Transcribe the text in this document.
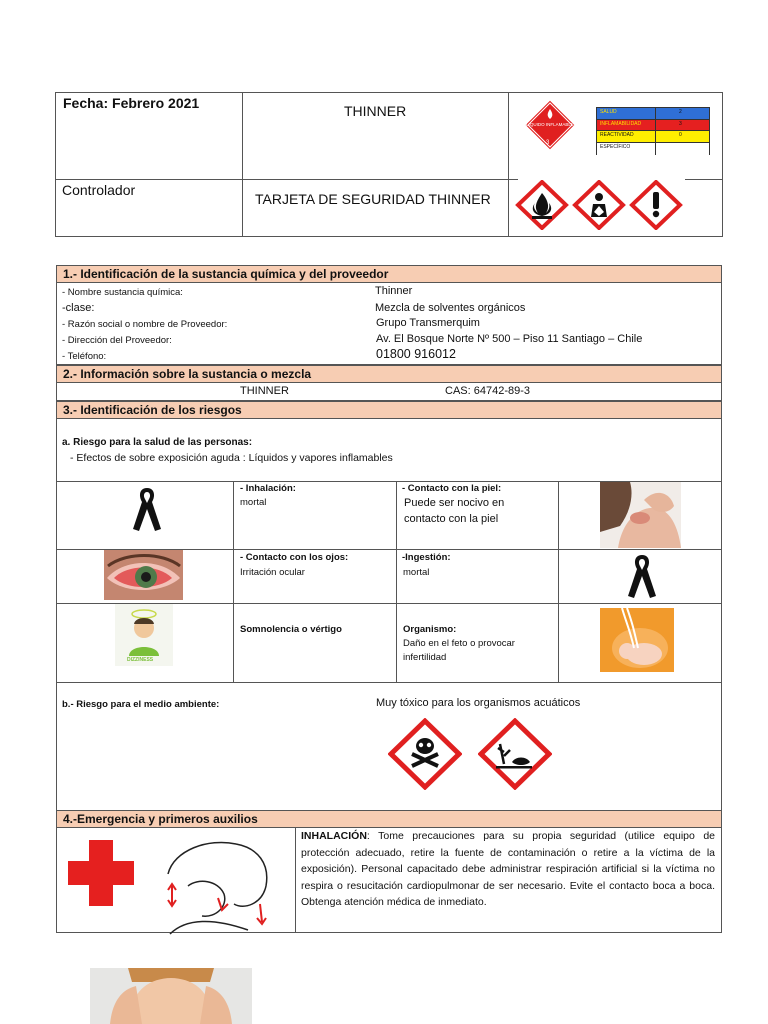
Fecha: Febrero 2021	THINNER
Controlador
TARJETA DE SEGURIDAD THINNER
LIQUIDO INFLAMABLE
3
SALUD	2
INFLAMABILIDAD	3
REACTIVIDAD	0
ESPECÍFICO
1.- Identificación de la sustancia química y del proveedor
- Nombre sustancia química:	Thinner
-clase:	Mezcla de solventes orgánicos
- Razón social o nombre de Proveedor:	Grupo Transmerquim
- Dirección del Proveedor:	Av. El Bosque Norte Nº 500 – Piso 11 Santiago – Chile
- Teléfono:	01800 916012
2.- Información sobre la sustancia o mezcla
THINNER	CAS: 64742-89-3
3.- Identificación de los riesgos
a. Riesgo para la salud de las personas:
- Efectos de sobre exposición aguda : Líquidos y vapores inflamables
- Inhalación:
mortal
- Contacto con la piel:
Puede ser nocivo en
contacto con la piel
- Contacto con los ojos:
Irritación ocular
-Ingestión:
mortal
DIZZINESS
Somnolencia o vértigo	Organismo:
Daño en el feto o provocar
infertilidad
b.- Riesgo para el medio ambiente:	Muy tóxico para los organismos acuáticos
4.-Emergencia y primeros auxilios
INHALACIÓN: Tome precauciones para su propia seguridad (utilice equipo de protección adecuado, retire la fuente de contaminación o retire a la víctima de la exposición). Personal capacitado debe administrar respiración artificial si la víctima no respira o resucitación cardiopulmonar de ser necesario. Evite el contacto boca a boca. Obtenga atención médica de inmediato.
